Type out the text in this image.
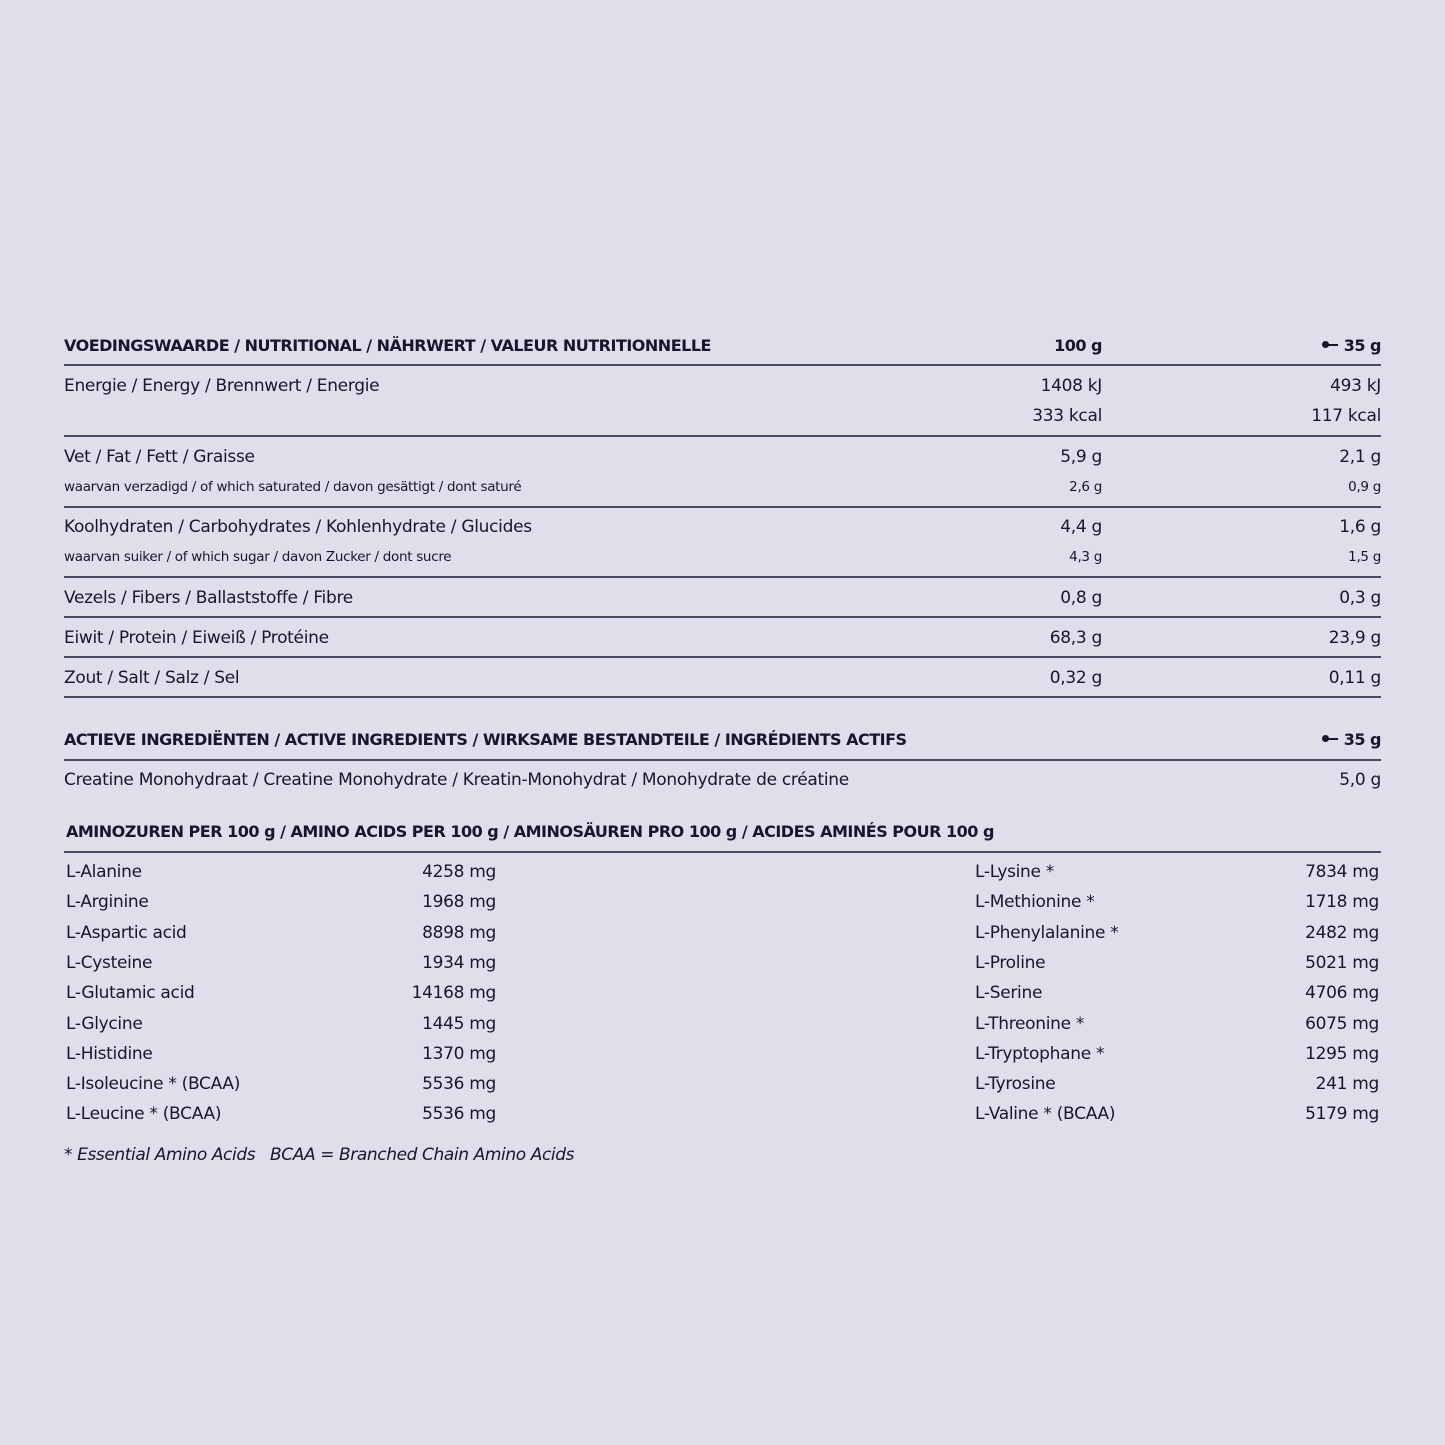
VOEDINGSWAARDE / NUTRITIONAL / NÄHRWERT / VALEUR NUTRITIONNELLE	100 g	35 g
Energie / Energy / Brennwert / Energie	1408 kJ	493 kJ
333 kcal	117 kcal
Vet / Fat / Fett / Graisse	5,9 g	2,1 g
waarvan verzadigd / of which saturated / davon gesättigt / dont saturé	2,6 g	0,9 g
Koolhydraten / Carbohydrates / Kohlenhydrate / Glucides	4,4 g	1,6 g
waarvan suiker / of which sugar / davon Zucker / dont sucre	4,3 g	1,5 g
Vezels / Fibers / Ballaststoffe / Fibre	0,8 g	0,3 g
Eiwit / Protein / Eiweiß / Protéine	68,3 g	23,9 g
Zout / Salt / Salz / Sel	0,32 g	0,11 g
ACTIEVE INGREDIËNTEN / ACTIVE INGREDIENTS / WIRKSAME BESTANDTEILE / INGRÉDIENTS ACTIFS	35 g
Creatine Monohydraat / Creatine Monohydrate / Kreatin-Monohydrat / Monohydrate de créatine	5,0 g
AMINOZUREN PER 100 g / AMINO ACIDS PER 100 g / AMINOSÄUREN PRO 100 g / ACIDES AMINÉS POUR 100 g
L-Alanine	4258 mg
L-Arginine	1968 mg
L-Aspartic acid	8898 mg
L-Cysteine	1934 mg
L-Glutamic acid	14168 mg
L-Glycine	1445 mg
L-Histidine	1370 mg
L-Isoleucine * (BCAA)	5536 mg
L-Leucine * (BCAA)	5536 mg
L-Lysine *	7834 mg
L-Methionine *	1718 mg
L-Phenylalanine *	2482 mg
L-Proline	5021 mg
L-Serine	4706 mg
L-Threonine *	6075 mg
L-Tryptophane *	1295 mg
L-Tyrosine	241 mg
L-Valine * (BCAA)	5179 mg
* Essential Amino Acids BCAA = Branched Chain Amino Acids
